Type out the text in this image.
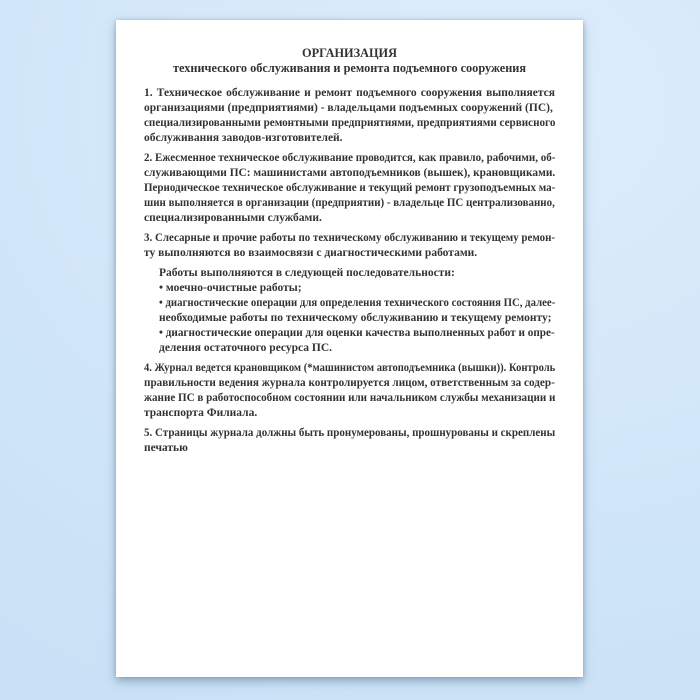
ОРГАНИЗАЦИЯ
технического обслуживания и ремонта подъемного сооружения
1. Техническое обслуживание и ремонт подъемного сооружения выполняется
организациями (предприятиями) - владельцами подъемных сооружений (ПС),
специализированными ремонтными предприятиями, предприятиями сервисного
обслуживания заводов-изготовителей.
2. Ежесменное техническое обслуживание проводится, как правило, рабочими, об-
служивающими ПС: машинистами автоподъемников (вышек), крановщиками.
Периодическое техническое обслуживание и текущий ремонт грузоподъемных ма-
шин выполняется в организации (предприятии) - владельце ПС централизованно,
специализированными службами.
3. Слесарные и прочие работы по техническому обслуживанию и текущему ремон-
ту выполняются во взаимосвязи с диагностическими работами.
Работы выполняются в следующей последовательности:
• моечно-очистные работы;
• диагностические операции для определения технического состояния ПС, далее-
необходимые работы по техническому обслуживанию и текущему ремонту;
• диагностические операции для оценки качества выполненных работ и опре-
деления остаточного ресурса ПС.
4. Журнал ведется крановщиком (*машинистом автоподъемника (вышки)). Контроль
правильности ведения журнала контролируется лицом, ответственным за содер-
жание ПС в работоспособном состоянии или начальником службы механизации и
транспорта Филиала.
5. Страницы журнала должны быть пронумерованы, прошнурованы и скреплены
печатью
